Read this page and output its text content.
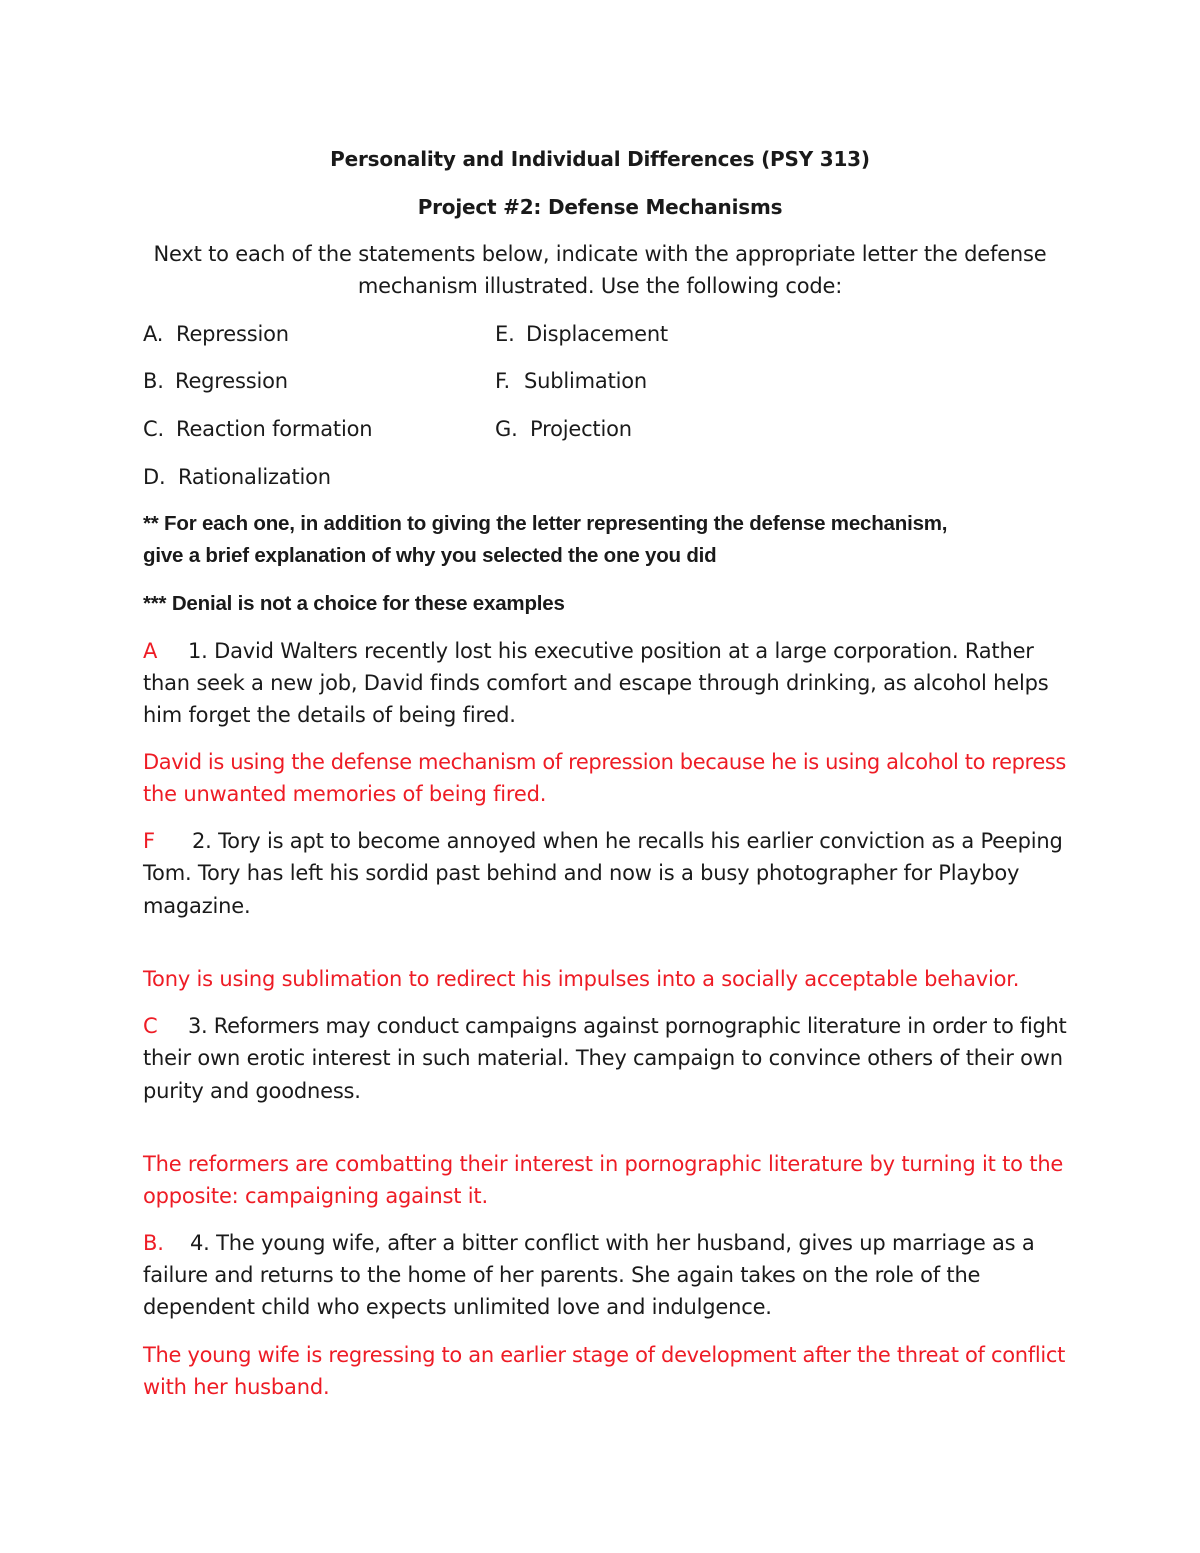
Personality and Individual Differences (PSY 313)
Project #2: Defense Mechanisms
Next to each of the statements below, indicate with the appropriate letter the defense
mechanism illustrated. Use the following code:
A. Repression
B. Regression
C. Reaction formation
D. Rationalization
E. Displacement
F. Sublimation
G. Projection
** For each one, in addition to giving the letter representing the defense mechanism,
give a brief explanation of why you selected the one you did
*** Denial is not a choice for these examples
A 1. David Walters recently lost his executive position at a large corporation. Rather
than seek a new job, David finds comfort and escape through drinking, as alcohol helps
him forget the details of being fired.
David is using the defense mechanism of repression because he is using alcohol to repress
the unwanted memories of being fired.
F 2. Tory is apt to become annoyed when he recalls his earlier conviction as a Peeping
Tom. Tory has left his sordid past behind and now is a busy photographer for Playboy
magazine.
Tony is using sublimation to redirect his impulses into a socially acceptable behavior.
C 3. Reformers may conduct campaigns against pornographic literature in order to fight
their own erotic interest in such material. They campaign to convince others of their own
purity and goodness.
The reformers are combatting their interest in pornographic literature by turning it to the
opposite: campaigning against it.
B. 4. The young wife, after a bitter conflict with her husband, gives up marriage as a
failure and returns to the home of her parents. She again takes on the role of the
dependent child who expects unlimited love and indulgence.
The young wife is regressing to an earlier stage of development after the threat of conflict
with her husband.
